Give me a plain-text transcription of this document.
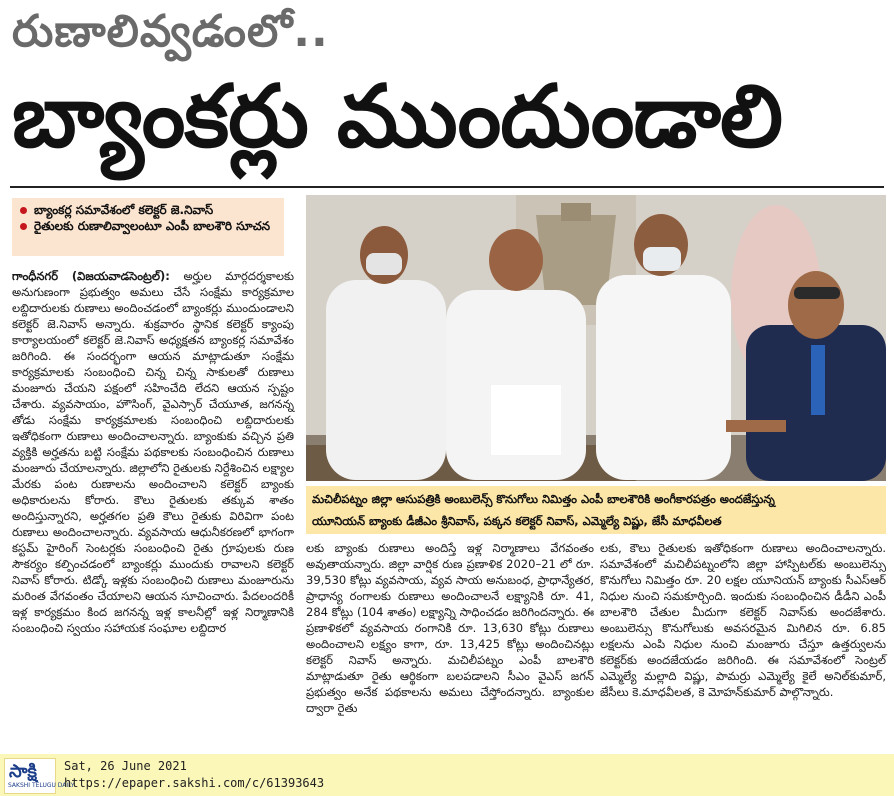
రుణాలివ్వడంలో..
బ్యాంకర్లు ముందుండాలి
బ్యాంకర్ల సమావేశంలో కలెక్టర్ జె.నివాస్
రైతులకు రుణాలివ్వాలంటూ ఎంపీ బాలశౌరి సూచన
గాంధీనగర్ (విజయవాడసెంట్రల్): అర్హుల మార్గదర్శకాలకు అనుగుణంగా ప్రభుత్వం అమలు చేసే సంక్షేమ కార్యక్రమాల లబ్దిదారులకు రుణాలు అందించడంలో బ్యాంకర్లు ముందుండాలని కలెక్టర్ జె.నివాస్ అన్నారు. శుక్రవారం స్థానిక కలెక్టర్ క్యాంపు కార్యాలయంలో కలెక్టర్ జె.నివాస్ అధ్యక్షతన బ్యాంకర్ల సమావేశం జరిగింది. ఈ సందర్భంగా ఆయన మాట్లాడుతూ సంక్షేమ కార్యక్రమాలకు సంబంధించి చిన్న చిన్న సాకులతో రుణాలు మంజూరు చేయని పక్షంలో సహించేది లేదని ఆయన స్పష్టం చేశారు. వ్యవసాయం, హౌసింగ్, వైఎస్సార్ చేయూత, జగనన్న తోడు సంక్షేమ కార్యక్రమాలకు సంబంధించి లబ్దిదారులకు ఇతోధికంగా రుణాలు అందించాలన్నారు. బ్యాంకుకు వచ్చిన ప్రతి వ్యక్తికి అర్హతను బట్టి సంక్షేమ పథకాలకు సంబంధించిన రుణాలు మంజూరు చేయాలన్నారు. జిల్లాలోని రైతులకు నిర్దేశించిన లక్ష్యాల మేరకు పంట రుణాలను అందించాలని కలెక్టర్ బ్యాంకు అధికారులను కోరారు. కౌలు రైతులకు తక్కువ శాతం అందిస్తున్నారని, అర్హతగల ప్రతి కౌలు రైతుకు విరివిగా పంట రుణాలు అందించాలన్నారు. వ్యవసాయ ఆధునీకరణలో భాగంగా కస్టమ్ హైరింగ్ సెంటర్లకు సంబంధించి రైతు గ్రూపులకు రుణ సౌకర్యం కల్పించడంలో బ్యాంకర్లు ముందుకు రావాలని కలెక్టర్ నివాస్ కోరారు. టిడ్కో ఇళ్లకు సంబంధించి రుణాలు మంజూరును మరింత వేగవంతం చేయాలని ఆయన సూచించారు. పేదలందరికీ ఇళ్ల కార్యక్రమం కింద జగనన్న ఇళ్ల కాలనీల్లో ఇళ్ల నిర్మాణానికి సంబంధించి స్వయం సహాయక సంఘాల లబ్దిదార
మచిలీపట్నం జిల్లా ఆసుపత్రికి అంబులెన్స్ కొనుగోలు నిమిత్తం ఎంపీ బాలశౌరికి అంగీకారపత్రం అందజేస్తున్న
యూనియన్ బ్యాంకు డీజీఎం శ్రీనివాస్, పక్కన కలెక్టర్ నివాస్, ఎమ్మెల్యే విష్ణు, జేసీ మాధవీలత
లకు బ్యాంకు రుణాలు అందిస్తే ఇళ్ల నిర్మాణాలు వేగవంతం అవుతాయన్నారు. జిల్లా వార్షిక రుణ ప్రణాళిక 2020–21 లో రూ. 39,530 కోట్లు వ్యవసాయ, వ్యవ సాయ అనుబంధ, ప్రాధాన్యేతర, ప్రాధాన్య రంగాలకు రుణాలు అందించాలనే లక్ష్యానికి రూ. 41, 284 కోట్లు (104 శాతం) లక్ష్యాన్ని సాధించడం జరిగిందన్నారు. ఈ ప్రణాళికలో వ్యవసాయ రంగానికి రూ. 13,630 కోట్లు రుణాలు అందించాలని లక్ష్యం కాగా, రూ. 13,425 కోట్లు అందించినట్లు కలెక్టర్ నివాస్ అన్నారు. మచిలీపట్నం ఎంపీ బాలశౌరి మాట్లాడుతూ రైతు ఆర్థికంగా బలపడాలని సీఎం వైఎస్ జగన్ ప్రభుత్వం అనేక పథకాలను అమలు చేస్తోందన్నారు. బ్యాంకుల ద్వారా రైతు
లకు, కౌలు రైతులకు ఇతోధికంగా రుణాలు అందించాలన్నారు. సమావేశంలో మచిలీపట్నంలోని జిల్లా హాస్పిటల్‌కు అంబులెన్సు కొనుగోలు నిమిత్తం రూ. 20 లక్షల యూనియన్ బ్యాంకు సీఎస్ఆర్ నిధుల నుంచి సమకూర్చింది. ఇందుకు సంబంధించిన డీడీని ఎంపీ బాలశౌరి చేతుల మీదుగా కలెక్టర్ నివాస్‌కు అందజేశారు. అంబులెన్సు కొనుగోలుకు అవసరమైన మిగిలిన రూ. 6.85 లక్షలను ఎంపి నిధుల నుంచి మంజూరు చేస్తూ ఉత్తర్వులను కలెక్టర్‌కు అందజేయడం జరిగింది. ఈ సమావేశంలో సెంట్రల్ ఎమ్మెల్యే మల్లాది విష్ణు, పామర్రు ఎమ్మెల్యే కైలే అనిల్‌కుమార్, జేసీలు కె.మాధవీలత, కె మోహన్‌కుమార్ పాల్గొన్నారు.
సాక్షి
SAKSHI TELUGU DAILY
Sat, 26 June 2021
https://epaper.sakshi.com/c/61393643
